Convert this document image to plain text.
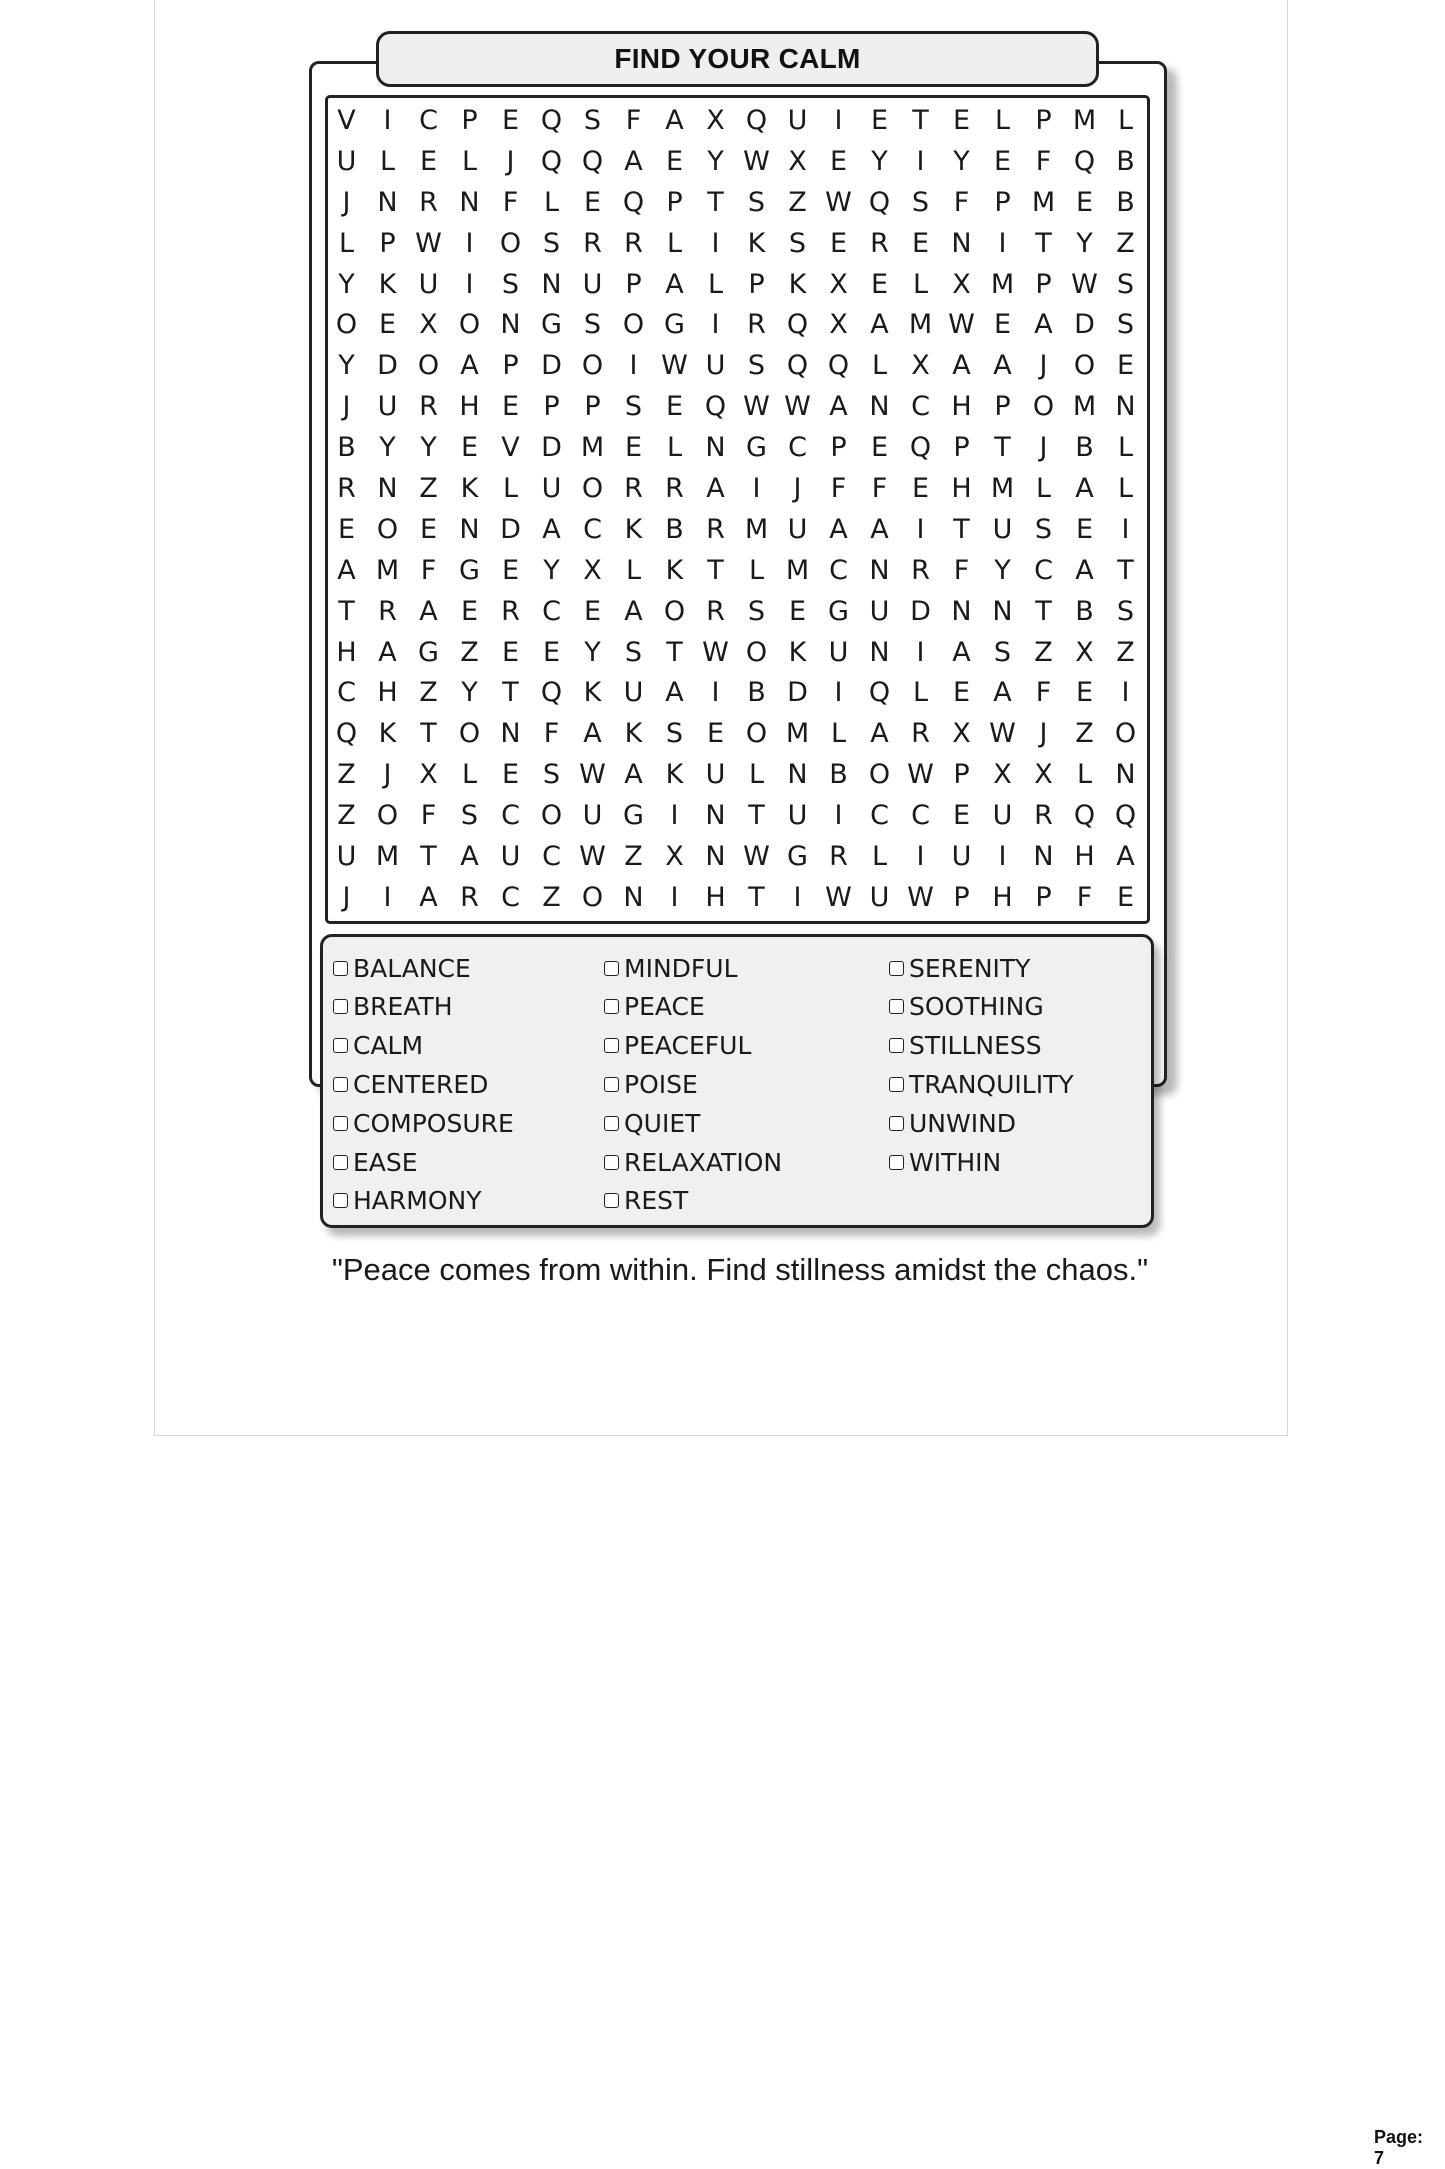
FIND YOUR CALM
V	I	C P E Q S F A X Q U	I	E T E L P M L
U L E L	J Q Q A E Y W X E Y	I	Y E F Q B
J N R N F L E Q P T S Z W Q S F P M E B
L P W I O S R R L	I	K S E R E N I	T Y Z
Y K U	I	S N U P A L P K X E L X M P W S
O E X O N G S O G I	R Q X A M W E A D S
Y D O A P D O I W U S Q Q L X A A	J O E
J	U R H E P P S E Q W W A N C H P O M N
B Y Y E V D M E L N G C P E Q P T	J	B L
R N Z K L U O R R A	I	J	F F E H M L A L
E O E N D A C K B R M U A A	I	T U S E	I
A M F G E Y X L K T L M C N R F Y C A T
T R A E R C E A O R S E G U D N N T B S
H A G Z E E Y S T W O K U N I	A S Z X Z
C H Z Y T Q K U A	I	B D I Q L E A F E	I
Q K T O N F A K S E O M L A R X W J	Z O
Z	J	X L E S W A K U L N B O W P X X L N
Z O F S C O U G I N T U	I	C C E U R Q Q
U M T A U C W Z X N W G R L	I	U	I N H A
J	I	A R C Z O N I H T	I W U W P H P F E
Page: 7
BALANCE
BREATH
CALM
CENTERED
COMPOSURE
EASE
HARMONY
MINDFUL
PEACE
PEACEFUL
POISE
QUIET
RELAXATION
REST
SERENITY
SOOTHING
STILLNESS
TRANQUILITY
UNWIND
WITHIN
"Peace comes from within. Find stillness amidst the chaos."
